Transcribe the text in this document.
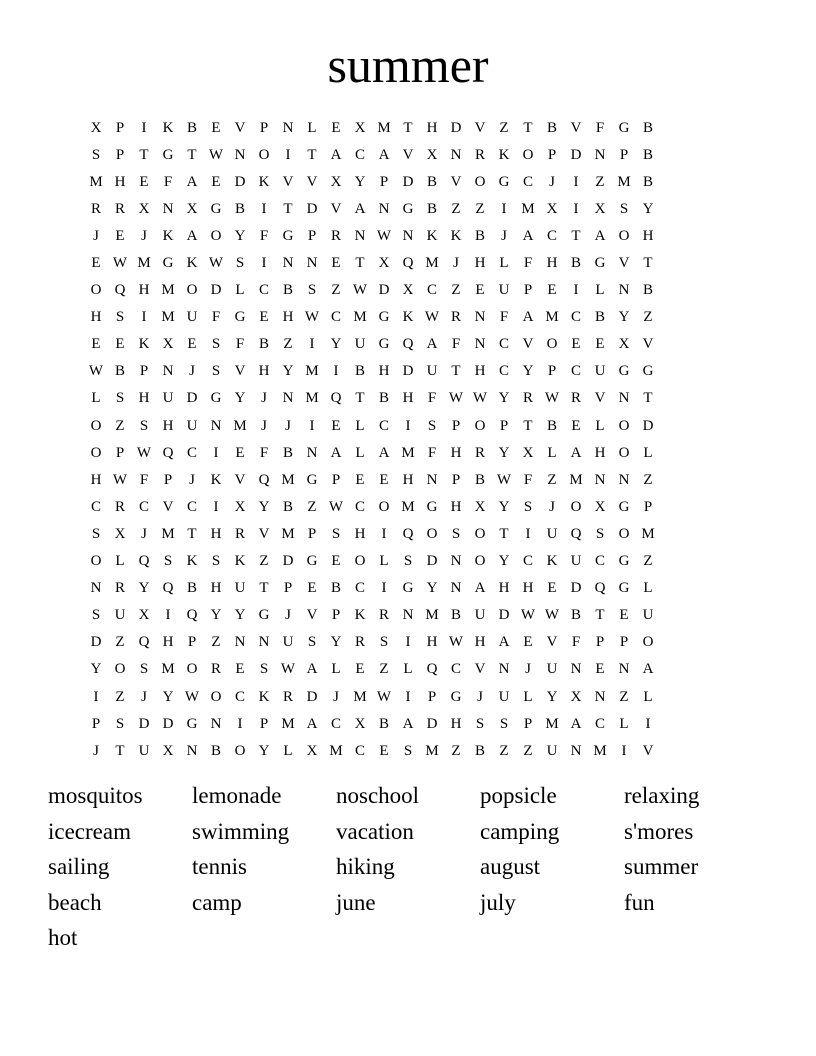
summer
X P	I	K B E V P N L E X M T H D V Z T B V F G B
S	P	T G T W N O	I	T A C A V X N R K O P D N P B
M H E	F A E D K V V X Y P D B V O G C	J	I	Z M B
R R X N X G B	I	T D V A N G B Z Z	I M X	I	X S Y
J	E	J	K A O Y F G P R N W N K K B	J	A C T A O H
E W M G K W S	I	N N E T X Q M J	H L	F H B G V T
O Q H M O D L C B S	Z W D X C Z E U P	E	I	L N B
H S	I M U F G E H W C M G K W R N F A M C B Y Z
E E K X E	S	F B Z	I	Y U G Q A F N C V O E E X V
W B P N	J	S V H Y M I	B H D U T H C Y P C U G G
L	S H U D G Y	J	N M Q T B H F W W Y R W R V N T
O Z	S H U N M J	J	I	E L C	I	S	P O P	T B E L O D
O P W Q C	I	E	F B N A L A M F H R Y X L A H O L
H W F	P	J	K V Q M G P	E E H N P B W F	Z M N N Z
C R C V C	I	X Y B Z W C O M G H X Y S	J	O X G P
S X	J M T H R V M P	S H	I	Q O S O T	I	U Q S O M
O L Q S K S K Z D G E O L	S D N O Y C K U C G Z
N R Y Q B H U T	P	E B C	I	G Y N A H H E D Q G L
S U X	I	Q Y Y G	J	V P K R N M B U D W W B T E U
D Z Q H P	Z N N U S Y R S	I	H W H A E V F	P	P O
Y O S M O R E	S W A L E Z L Q C V N	J	U N E N A
I	Z	J	Y W O C K R D	J M W I	P G	J	U L Y X N Z L
P	S D D G N	I	P M A C X B A D H S	S	P M A C L	I
J	T U X N B O Y L X M C E	S M Z B Z Z U N M I	V
mosquitos	lemonade	noschool	popsicle	relaxing
icecream	swimming	vacation	camping	s'mores
sailing	tennis	hiking	august	summer
beach	camp	june	july	fun
hot
